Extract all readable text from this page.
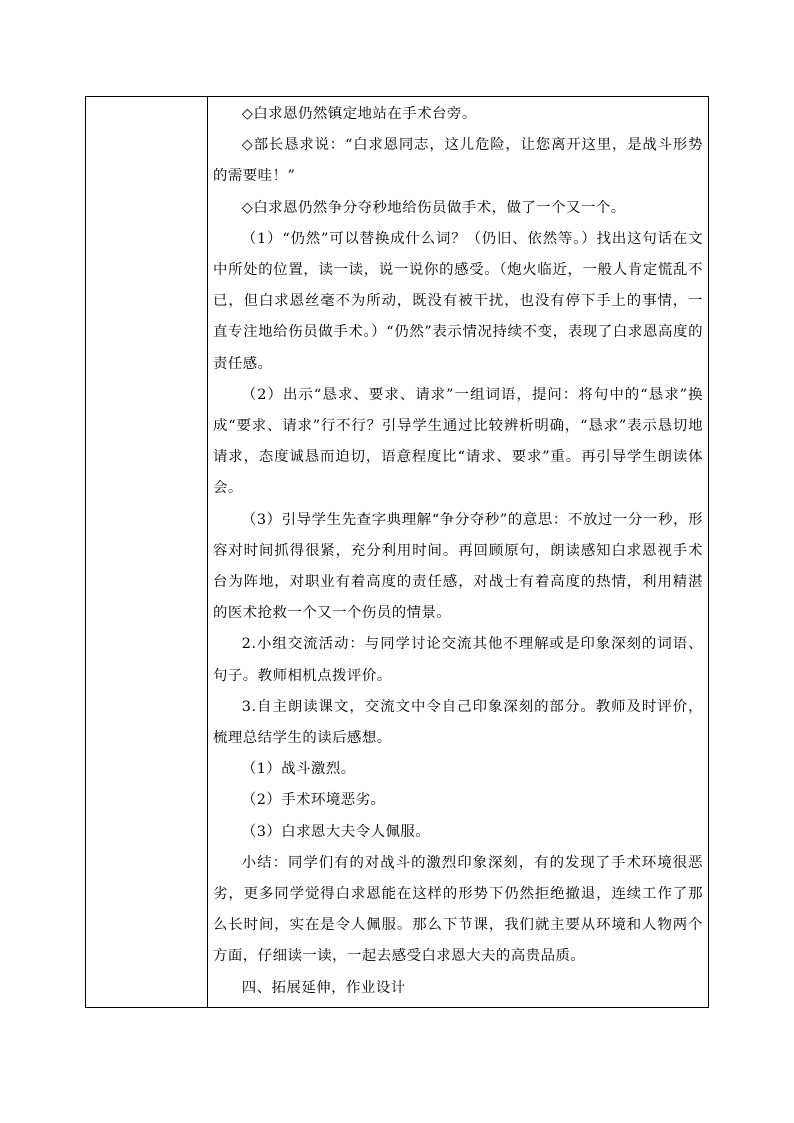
◇白求恩仍然镇定地站在手术台旁。

◇部长恳求说：“白求恩同志，这儿危险，让您离开这里，是战斗形势的需要哇！”

◇白求恩仍然争分夺秒地给伤员做手术，做了一个又一个。

（1）“仍然”可以替换成什么词？（仍旧、依然等。）找出这句话在文中所处的位置，读一读，说一说你的感受。（炮火临近，一般人肯定慌乱不已，但白求恩丝毫不为所动，既没有被干扰，也没有停下手上的事情，一直专注地给伤员做手术。）“仍然”表示情况持续不变，表现了白求恩高度的责任感。

（2）出示“恳求、要求、请求”一组词语，提问：将句中的“恳求”换成“要求、请求”行不行？引导学生通过比较辨析明确，“恳求”表示恳切地请求，态度诚恳而迫切，语意程度比“请求、要求”重。再引导学生朗读体会。

（3）引导学生先查字典理解“争分夺秒”的意思：不放过一分一秒，形容对时间抓得很紧，充分利用时间。再回顾原句，朗读感知白求恩视手术台为阵地，对职业有着高度的责任感，对战士有着高度的热情，利用精湛的医术抢救一个又一个伤员的情景。

2.小组交流活动：与同学讨论交流其他不理解或是印象深刻的词语、句子。教师相机点拨评价。

3.自主朗读课文，交流文中令自己印象深刻的部分。教师及时评价，梳理总结学生的读后感想。

（1）战斗激烈。

（2）手术环境恶劣。

（3）白求恩大夫令人佩服。

小结：同学们有的对战斗的激烈印象深刻，有的发现了手术环境很恶劣，更多同学觉得白求恩能在这样的形势下仍然拒绝撤退，连续工作了那么长时间，实在是令人佩服。那么下节课，我们就主要从环境和人物两个方面，仔细读一读，一起去感受白求恩大夫的高贵品质。

四、拓展延伸，作业设计
